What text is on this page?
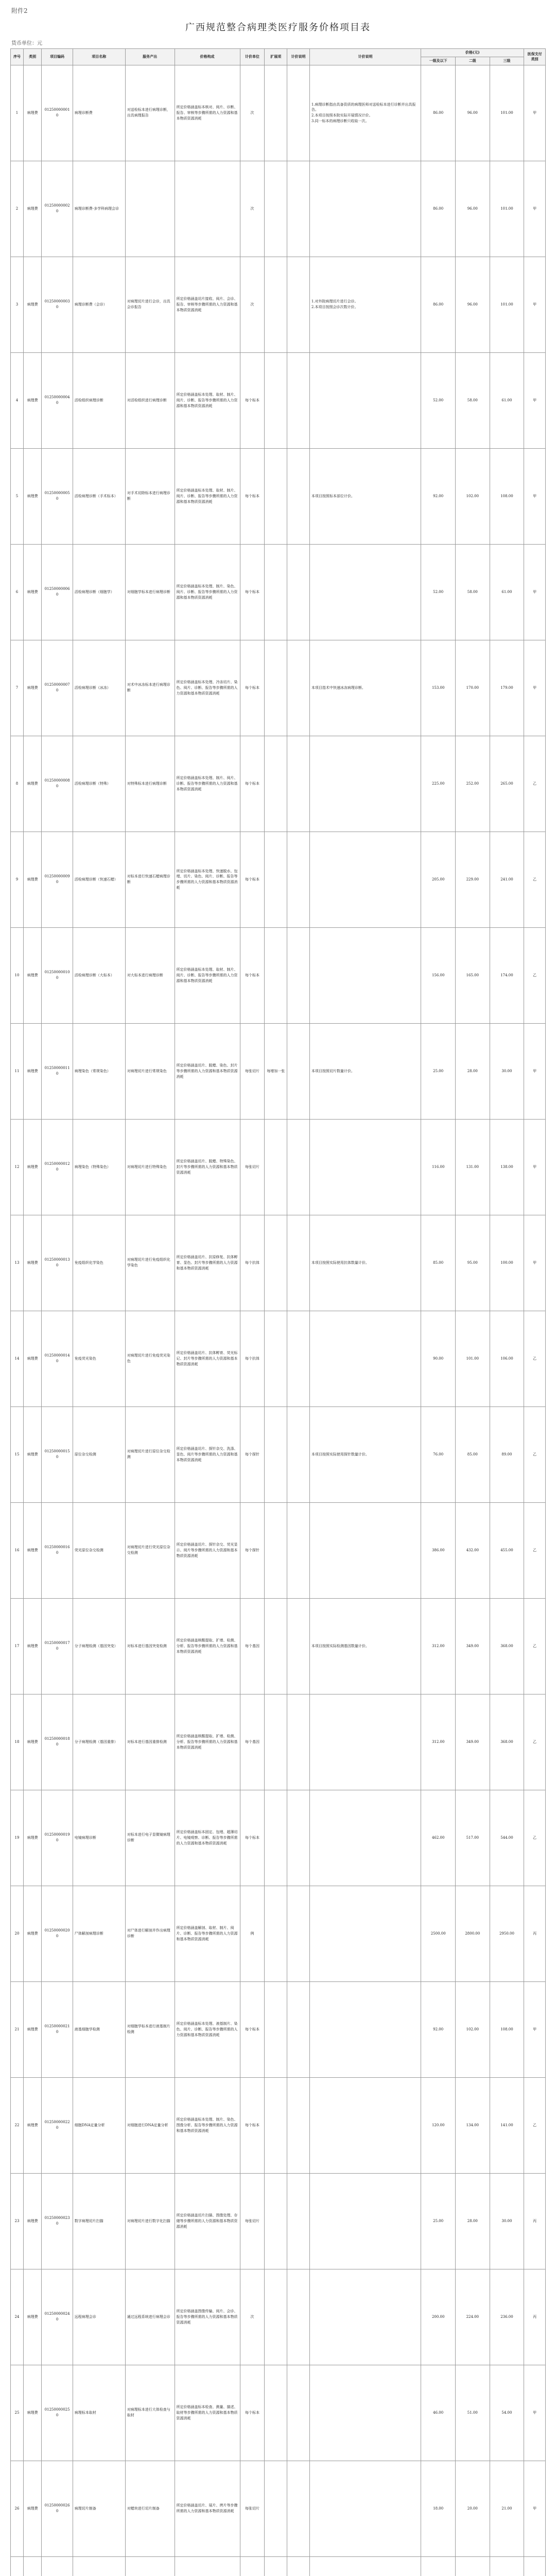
附件2
广西规范整合病理类医疗服务价格项目表
货币单位：元
序号	类别	项目编码	项目名称	服务产出	价格构成	计价单位	扩展项	计价说明	计价说明	价格(元)			医保支付类别
										一级及以下	二级	三级	
1	病理费	012500000010	病理诊断费	对送检标本进行病理诊断，出具病理报告	所定价格涵盖标本核对、阅片、诊断、报告、审核等步骤所需的人力资源和基本物质资源消耗	次			1.病理诊断指由具备资质的病理医师对送检标本进行诊断并出具报告。
2.本项目按照本院实际开展情况计价。
3.同一标本的病理诊断只收取一次。	86.00	96.00	101.00	甲
2	病理费	012500000020	病理诊断费-多学科病理会诊			次				86.00	96.00	101.00	甲
3	病理费	012500000030	病理诊断费（会诊）	对病理切片进行会诊，出具会诊报告	所定价格涵盖切片接收、阅片、会诊、报告、审核等步骤所需的人力资源和基本物质资源消耗	次			1.对外院病理切片进行会诊。
2.本项目按照会诊次数计价。	86.00	96.00	101.00	甲
4	病理费	012500000040	活检组织病理诊断	对活检组织进行病理诊断	所定价格涵盖标本处理、取材、制片、阅片、诊断、报告等步骤所需的人力资源和基本物质资源消耗	每个标本				52.00	58.00	61.00	甲
5	病理费	012500000050	活检病理诊断（手术标本）	对手术切除标本进行病理诊断	所定价格涵盖标本处理、取材、制片、阅片、诊断、报告等步骤所需的人力资源和基本物质资源消耗	每个标本			本项目按照标本部位计价。	92.00	102.00	108.00	甲
6	病理费	012500000060	活检病理诊断（细胞学）	对细胞学标本进行病理诊断	所定价格涵盖标本处理、制片、染色、阅片、诊断、报告等步骤所需的人力资源和基本物质资源消耗	每个标本				52.00	58.00	61.00	甲
7	病理费	012500000070	活检病理诊断（冰冻）	对术中冰冻标本进行病理诊断	所定价格涵盖标本处理、冷冻切片、染色、阅片、诊断、报告等步骤所需的人力资源和基本物质资源消耗	每个标本			本项目指术中快速冰冻病理诊断。	153.00	170.00	179.00	甲
8	病理费	012500000080	活检病理诊断（特殊）	对特殊标本进行病理诊断	所定价格涵盖标本处理、制片、阅片、诊断、报告等步骤所需的人力资源和基本物质资源消耗	每个标本				225.00	252.00	265.00	乙
9	病理费	012500000090	活检病理诊断（快速石蜡）	对标本进行快速石蜡病理诊断	所定价格涵盖标本处理、快速脱水、包埋、切片、染色、阅片、诊断、报告等步骤所需的人力资源和基本物质资源消耗	每个标本				205.00	229.00	241.00	乙
10	病理费	012500000100	活检病理诊断（大标本）	对大标本进行病理诊断	所定价格涵盖标本处理、取材、制片、阅片、诊断、报告等步骤所需的人力资源和基本物质资源消耗	每个标本				156.00	165.00	174.00	乙
11	病理费	012500000110	病理染色（常规染色）	对病理切片进行常规染色	所定价格涵盖切片、脱蜡、染色、封片等步骤所需的人力资源和基本物质资源消耗	每张切片	每增加一张		本项目按照切片数量计价。	25.00	28.00	30.00	甲
12	病理费	012500000120	病理染色（特殊染色）	对病理切片进行特殊染色	所定价格涵盖切片、脱蜡、特殊染色、封片等步骤所需的人力资源和基本物质资源消耗	每张切片				116.00	131.00	138.00	甲
13	病理费	012500000130	免疫组织化学染色	对病理切片进行免疫组织化学染色	所定价格涵盖切片、抗原修复、抗体孵育、显色、封片等步骤所需的人力资源和基本物质资源消耗	每个抗体			本项目按照实际使用抗体数量计价。	85.00	95.00	100.00	甲
14	病理费	012500000140	免疫荧光染色	对病理切片进行免疫荧光染色	所定价格涵盖切片、抗体孵育、荧光标记、封片等步骤所需的人力资源和基本物质资源消耗	每个抗体				90.00	101.00	106.00	乙
15	病理费	012500000150	原位杂交检测	对病理切片进行原位杂交检测	所定价格涵盖切片、探针杂交、洗涤、显色、阅片等步骤所需的人力资源和基本物质资源消耗	每个探针			本项目按照实际使用探针数量计价。	76.00	85.00	89.00	乙
16	病理费	012500000160	荧光原位杂交检测	对病理切片进行荧光原位杂交检测	所定价格涵盖切片、探针杂交、荧光显示、阅片等步骤所需的人力资源和基本物质资源消耗	每个探针				386.00	432.00	455.00	乙
17	病理费	012500000170	分子病理检测（基因突变）	对标本进行基因突变检测	所定价格涵盖核酸提取、扩增、检测、分析、报告等步骤所需的人力资源和基本物质资源消耗	每个基因			本项目按照实际检测基因数量计价。	312.00	349.00	368.00	乙
18	病理费	012500000180	分子病理检测（基因重排）	对标本进行基因重排检测	所定价格涵盖核酸提取、扩增、检测、分析、报告等步骤所需的人力资源和基本物质资源消耗	每个基因				312.00	349.00	368.00	乙
19	病理费	012500000190	电镜病理诊断	对标本进行电子显微镜病理诊断	所定价格涵盖标本固定、包埋、超薄切片、电镜观察、诊断、报告等步骤所需的人力资源和基本物质资源消耗	每个标本				462.00	517.00	544.00	乙
20	病理费	012500000200	尸体解剖病理诊断	对尸体进行解剖并作出病理诊断	所定价格涵盖解剖、取材、制片、阅片、诊断、报告等步骤所需的人力资源和基本物质资源消耗	例				2500.00	2800.00	2950.00	丙
21	病理费	012500000210	液基细胞学检测	对细胞学标本进行液基制片检测	所定价格涵盖标本处理、液基制片、染色、阅片、诊断、报告等步骤所需的人力资源和基本物质资源消耗	每个标本				92.00	102.00	108.00	甲
22	病理费	012500000220	细胞DNA定量分析	对细胞进行DNA定量分析	所定价格涵盖标本处理、制片、染色、图像分析、报告等步骤所需的人力资源和基本物质资源消耗	每个标本				120.00	134.00	141.00	乙
23	病理费	012500000230	数字病理切片扫描	对病理切片进行数字化扫描	所定价格涵盖切片扫描、图像处理、存储等步骤所需的人力资源和基本物质资源消耗	每张切片				25.00	28.00	30.00	丙
24	病理费	012500000240	远程病理会诊	通过远程系统进行病理会诊	所定价格涵盖图像传输、阅片、会诊、报告等步骤所需的人力资源和基本物质资源消耗	次				200.00	224.00	236.00	丙
25	病理费	012500000250	病理标本取材	对病理标本进行大体检查与取材	所定价格涵盖标本检查、测量、描述、取材等步骤所需的人力资源和基本物质资源消耗	每个标本				46.00	51.00	54.00	甲
26	病理费	012500000260	病理切片制备	对蜡块进行切片制备	所定价格涵盖切片、展片、烤片等步骤所需的人力资源和基本物质资源消耗	每张切片				18.00	20.00	21.00	甲
